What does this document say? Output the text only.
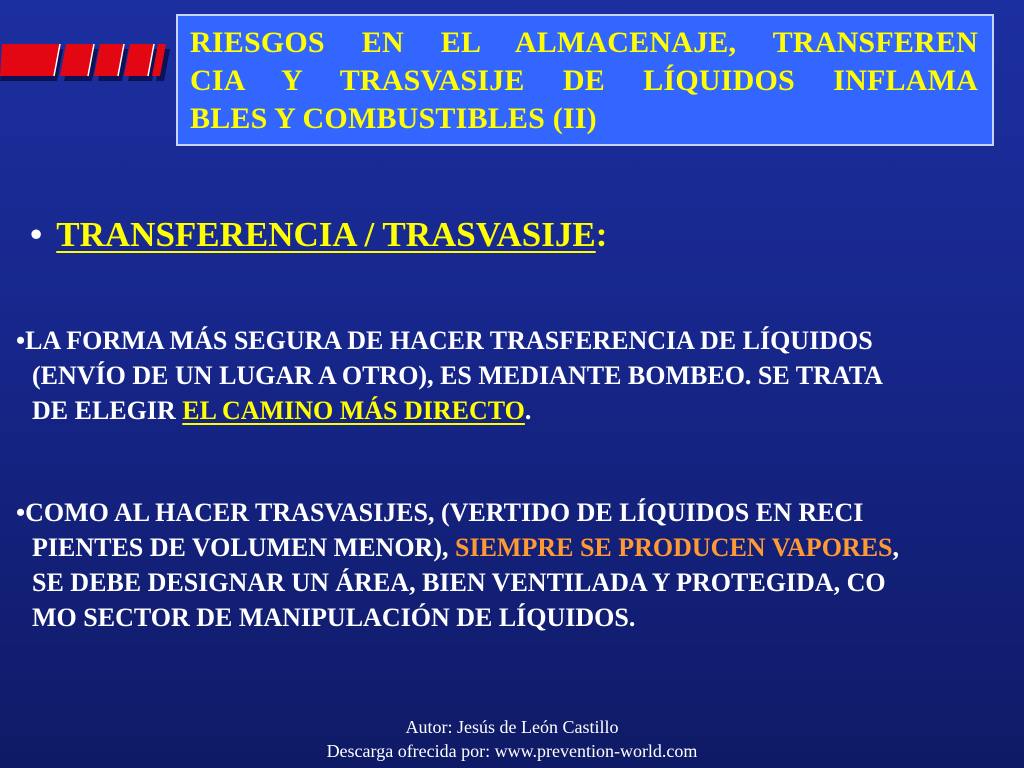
RIESGOS EN EL ALMACENAJE, TRANSFEREN
CIA Y TRASVASIJE DE LÍQUIDOS INFLAMA
BLES Y COMBUSTIBLES (II)
• TRANSFERENCIA / TRASVASIJE:
•LA FORMA MÁS SEGURA DE HACER TRASFERENCIA DE LÍQUIDOS
(ENVÍO DE UN LUGAR A OTRO), ES MEDIANTE BOMBEO. SE TRATA
DE ELEGIR EL CAMINO MÁS DIRECTO.
•COMO AL HACER TRASVASIJES, (VERTIDO DE LÍQUIDOS EN RECI
PIENTES DE VOLUMEN MENOR), SIEMPRE SE PRODUCEN VAPORES,
SE DEBE DESIGNAR UN ÁREA, BIEN VENTILADA Y PROTEGIDA, CO
MO SECTOR DE MANIPULACIÓN DE LÍQUIDOS.
Autor: Jesús de León Castillo
Descarga ofrecida por: www.prevention-world.com
